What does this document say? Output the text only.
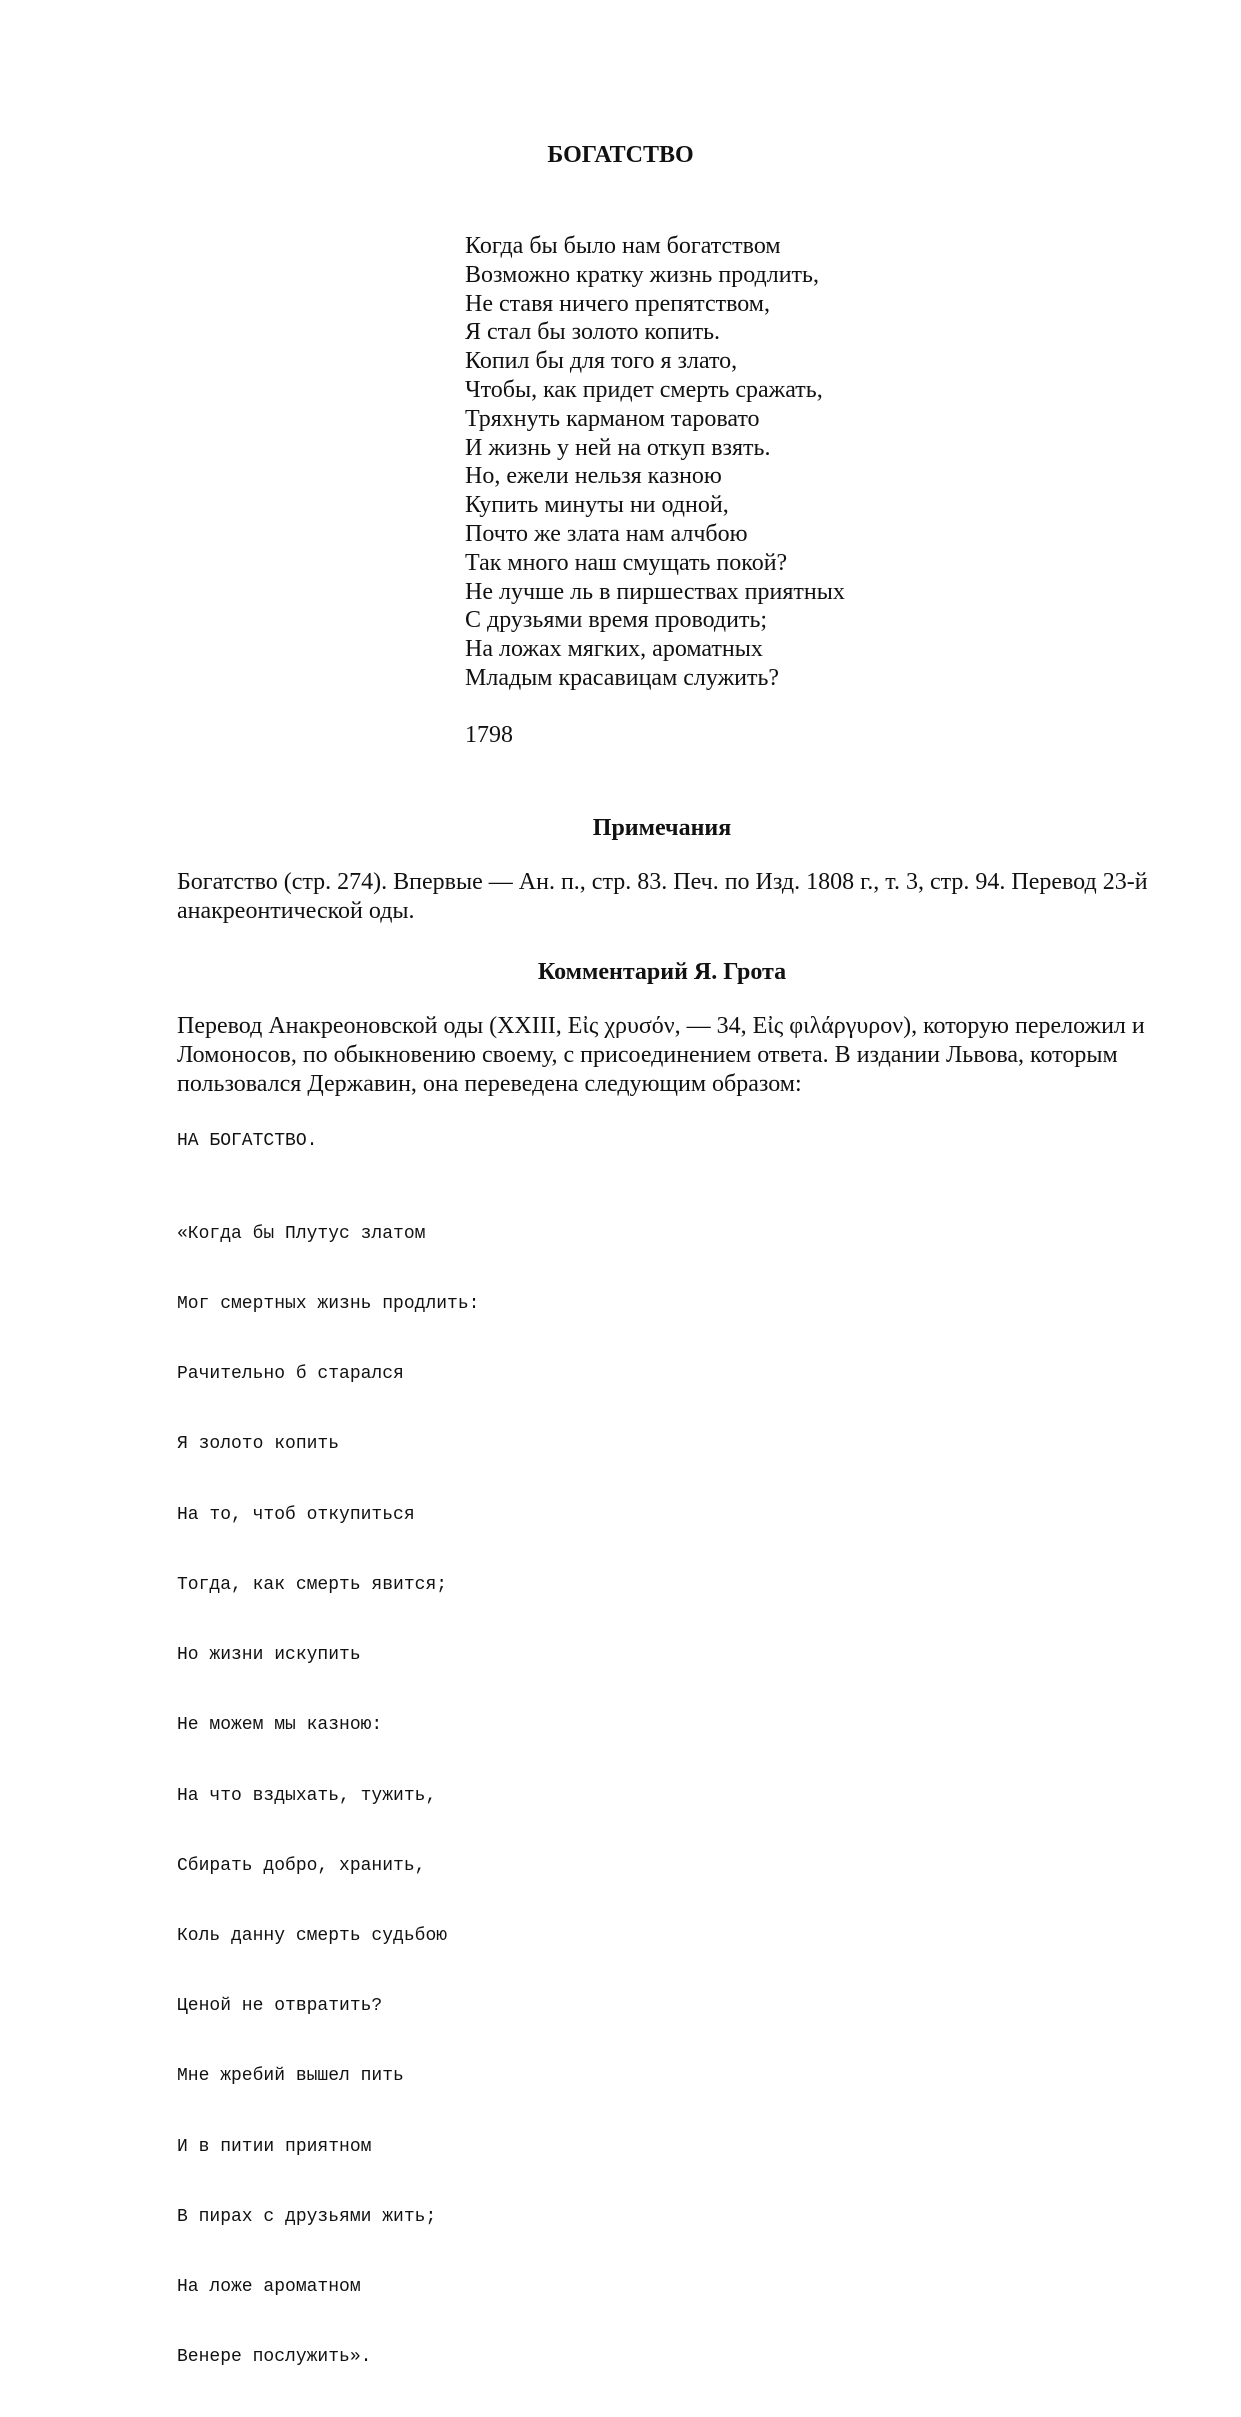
БОГАТСТВО
Когда бы было нам богатством
Возможно кратку жизнь продлить,
Не ставя ничего препятством,
Я стал бы золото копить.
Копил бы для того я злато,
Чтобы, как придет смерть сражать,
Тряхнуть карманом таровато
И жизнь у ней на откуп взять.
Но, ежели нельзя казною
Купить минуты ни одной,
Почто же злата нам алчбою
Так много наш смущать покой?
Не лучше ль в пиршествах приятных
С друзьями время проводить;
На ложах мягких, ароматных
Младым красавицам служить?
1798
Примечания

Богатство (стр. 274). Впервые — Ан. п., стр. 83. Печ. по Изд. 1808 г., т. 3, стр. 94. Перевод 23-й анакреонтической оды.

Комментарий Я. Грота

Перевод Анакреоновской оды (XXIII, Εἰς χρυσόν, — 34, Εἰς φιλάργυρον), которую переложил и Ломоносов, по обыкновению своему, с присоединением ответа. В издании Львова, которым пользовался Державин, она переведена следующим образом:

НА БОГАТСТВО.

«Когда бы Плутус златом

Мог смертных жизнь продлить:

Рачительно б старался

Я золото копить

На то, чтоб откупиться

Тогда, как смерть явится;

Но жизни искупить

Не можем мы казною:

На что вздыхать, тужить,

Сбирать добро, хранить,

Коль данну смерть судьбою

Ценой не отвратить?

Мне жребий вышел пить

И в питии приятном

В пирах с друзьями жить;

На ложе ароматном

Венере послужить».
